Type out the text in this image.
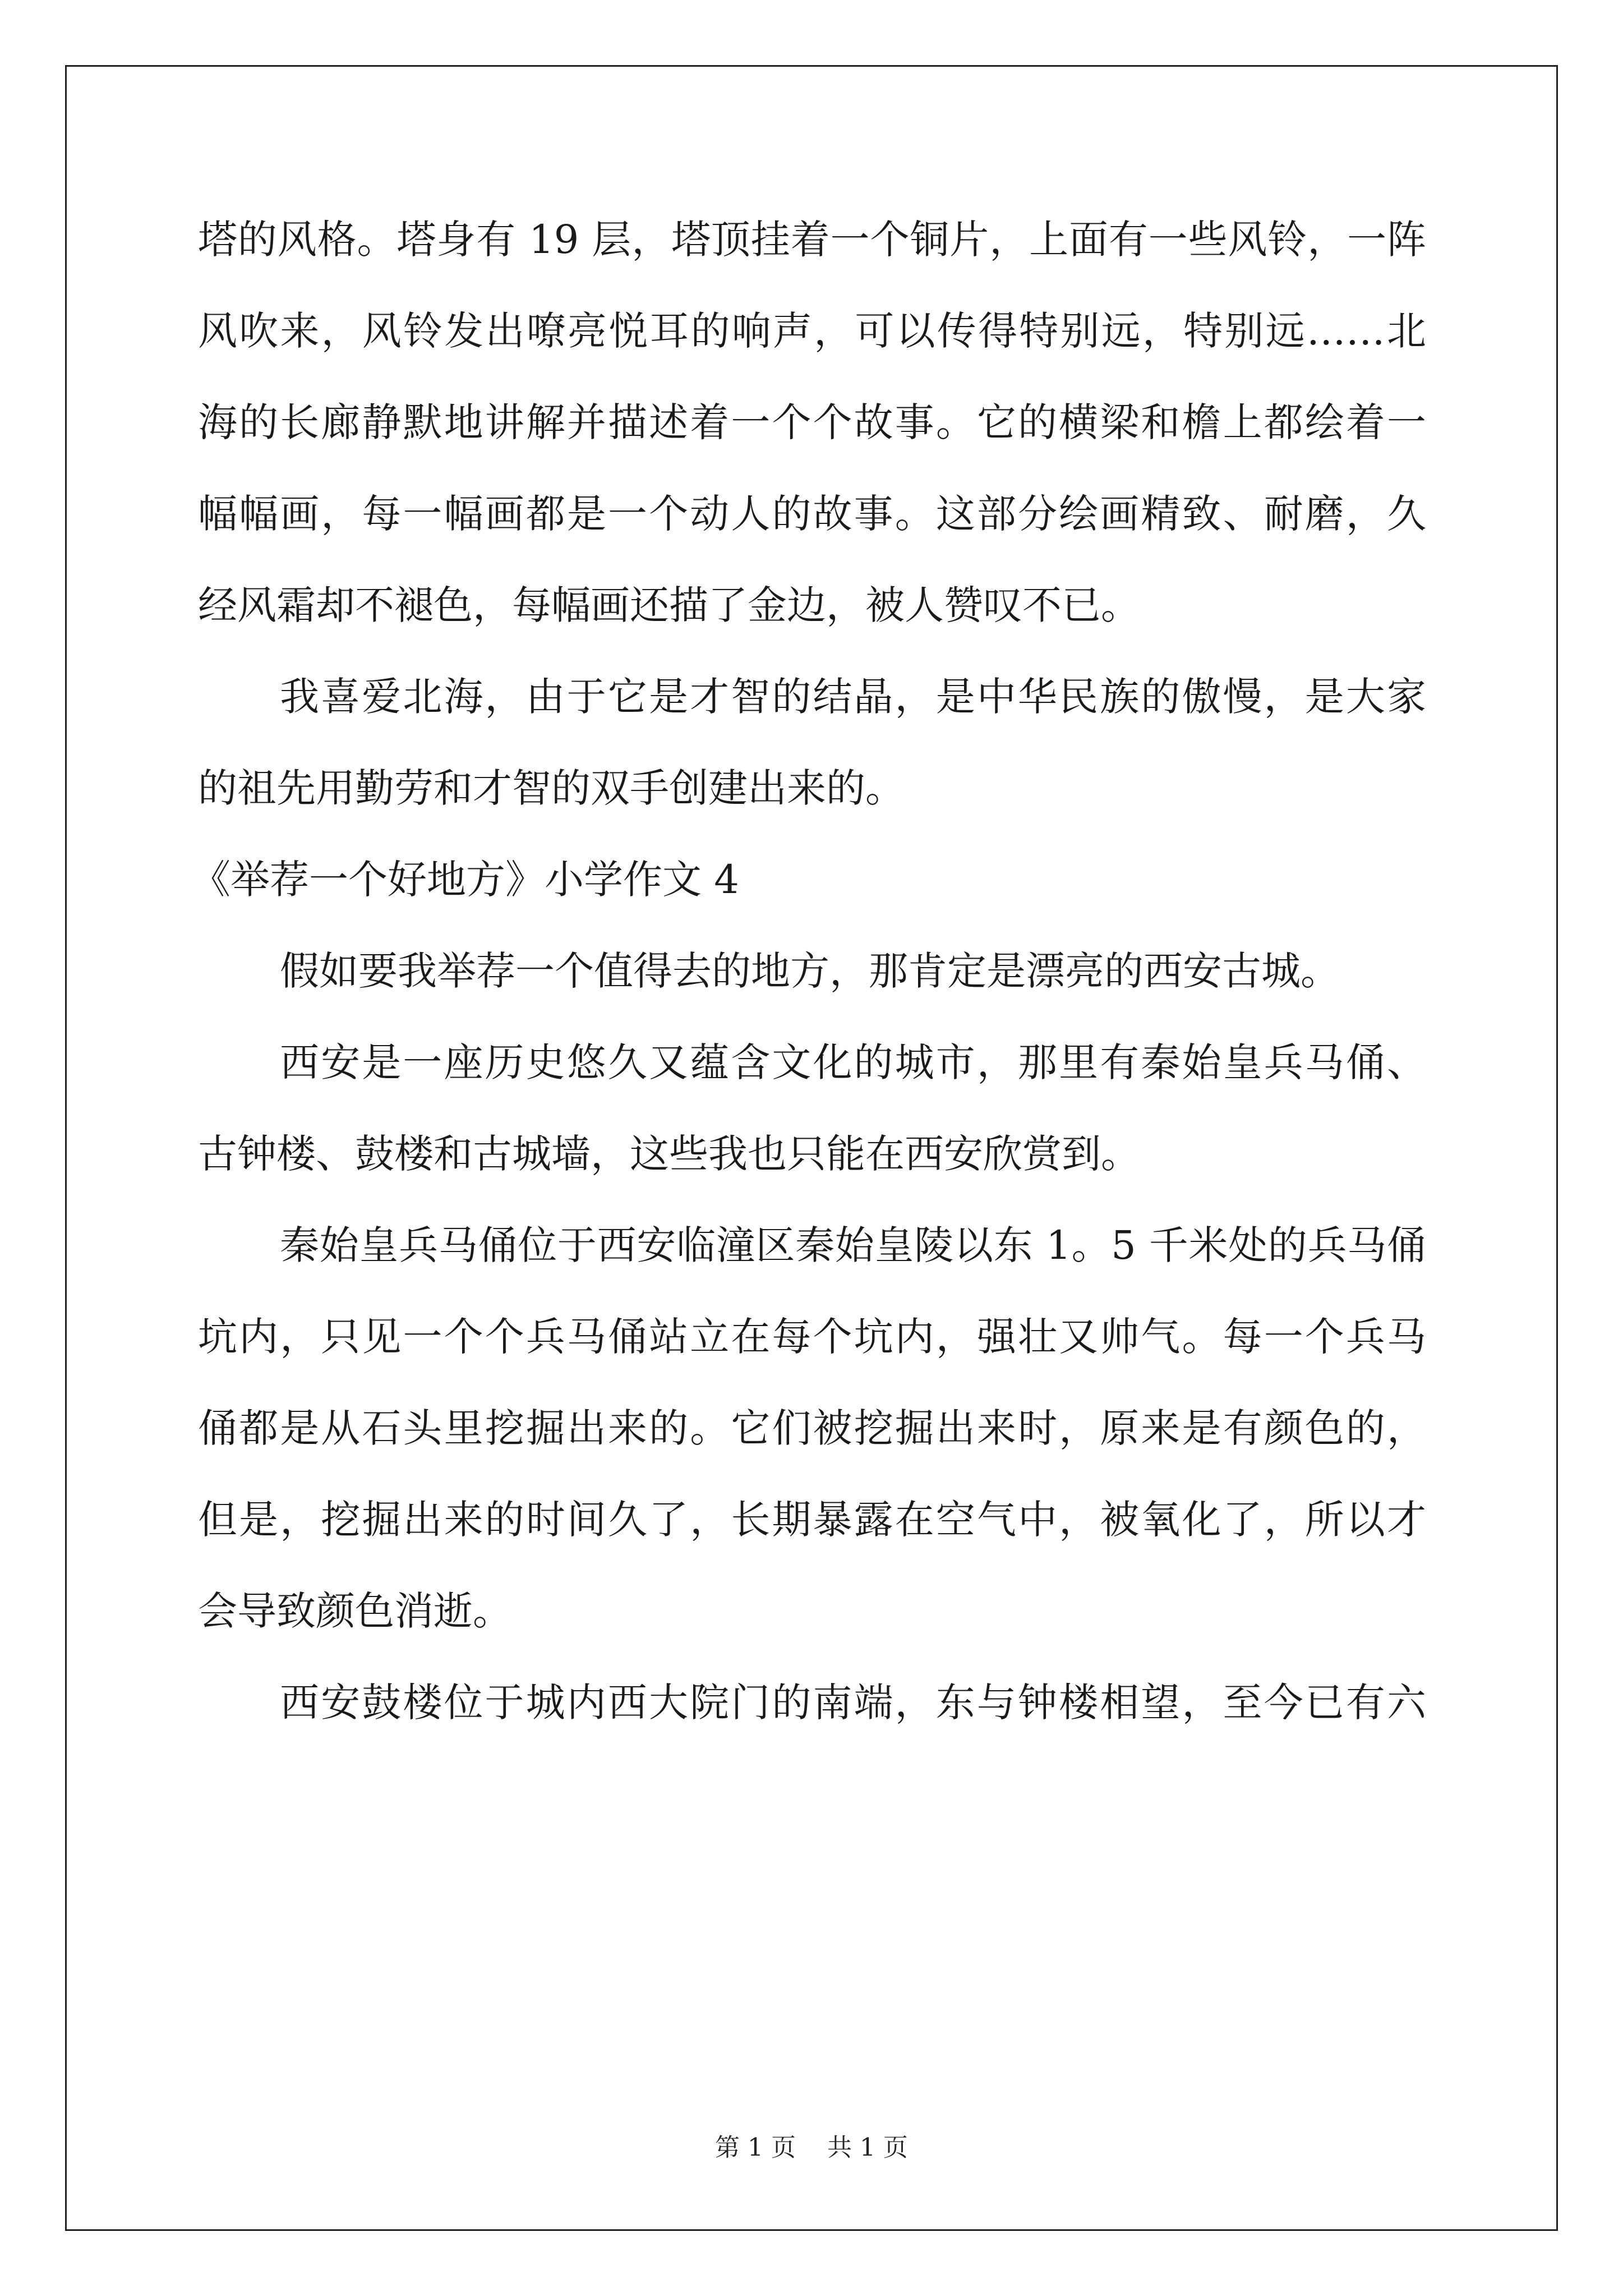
塔的风格。塔身有 19 层，塔顶挂着一个铜片，上面有一些风铃，一阵
风吹来，风铃发出嘹亮悦耳的响声，可以传得特别远，特别远……北
海的长廊静默地讲解并描述着一个个故事。它的横梁和檐上都绘着一
幅幅画，每一幅画都是一个动人的故事。这部分绘画精致、耐磨，久
经风霜却不褪色，每幅画还描了金边，被人赞叹不已。
我喜爱北海，由于它是才智的结晶，是中华民族的傲慢，是大家
的祖先用勤劳和才智的双手创建出来的。
《举荐一个好地方》小学作文 4
假如要我举荐一个值得去的地方，那肯定是漂亮的西安古城。
西安是一座历史悠久又蕴含文化的城市，那里有秦始皇兵马俑、
古钟楼、鼓楼和古城墙，这些我也只能在西安欣赏到。
秦始皇兵马俑位于西安临潼区秦始皇陵以东 1。5 千米处的兵马俑
坑内，只见一个个兵马俑站立在每个坑内，强壮又帅气。每一个兵马
俑都是从石头里挖掘出来的。它们被挖掘出来时，原来是有颜色的，
但是，挖掘出来的时间久了，长期暴露在空气中，被氧化了，所以才
会导致颜色消逝。
西安鼓楼位于城内西大院门的南端，东与钟楼相望，至今已有六
第 1 页    共 1 页
